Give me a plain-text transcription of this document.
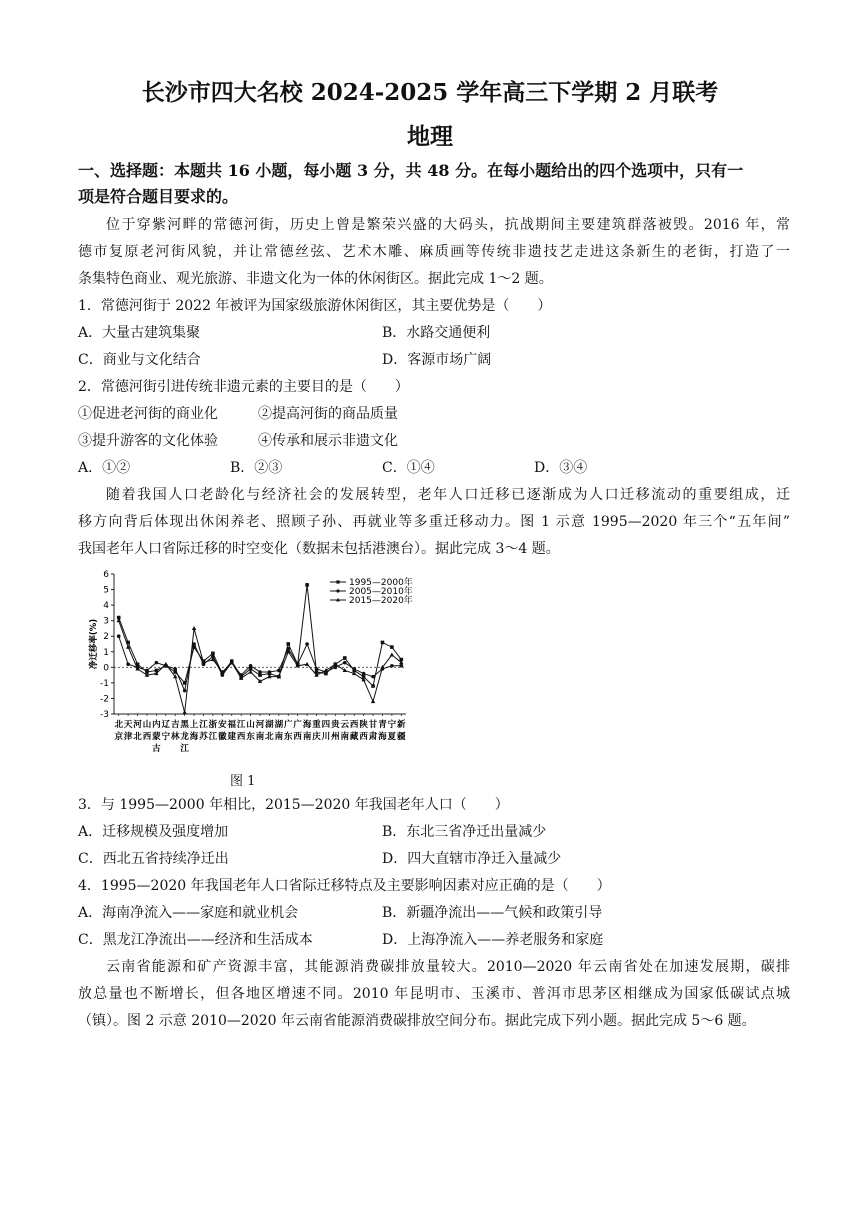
长沙市四大名校 2024-2025 学年高三下学期 2 月联考
地理
一、选择题：本题共 16 小题，每小题 3 分，共 48 分。在每小题给出的四个选项中，只有一
项是符合题目要求的。
位于穿紫河畔的常德河街，历史上曾是繁荣兴盛的大码头，抗战期间主要建筑群落被毁。2016 年，常
德市复原老河街风貌，并让常德丝弦、艺术木雕、麻质画等传统非遗技艺走进这条新生的老街，打造了一
条集特色商业、观光旅游、非遗文化为一体的休闲街区。据此完成 1～2 题。
1．常德河街于 2022 年被评为国家级旅游休闲街区，其主要优势是（　　）
A．大量古建筑集聚	B．水路交通便利
C．商业与文化结合	D．客源市场广阔
2．常德河街引进传统非遗元素的主要目的是（　　）
①促进老河街的商业化	②提高河街的商品质量
③提升游客的文化体验	④传承和展示非遗文化
A．①②	B．②③	C．①④	D．③④
随着我国人口老龄化与经济社会的发展转型，老年人口迁移已逐渐成为人口迁移流动的重要组成，迁
移方向背后体现出休闲养老、照顾子孙、再就业等多重迁移动力。图 1 示意 1995—2020 年三个“五年间”
我国老年人口省际迁移的时空变化（数据未包括港澳台）。据此完成 3～4 题。
-3
-2
-1
0
1
2
3
4
5
6
净迁移率(%)
北
京
天
津
河
北
山
西
内
蒙
古
辽
宁
吉
林
黑
龙
江
上
海
江
苏
浙
江
安
徽
福
建
江
西
山
东
河
南
湖
北
湖
南
广
东
广
西
海
南
重
庆
四
川
贵
州
云
南
西
藏
陕
西
甘
肃
青
海
宁
夏
新
疆
1995—2000年
2005—2010年
2015—2020年
图 1
3．与 1995—2000 年相比，2015—2020 年我国老年人口（　　）
A．迁移规模及强度增加	B．东北三省净迁出量减少
C．西北五省持续净迁出	D．四大直辖市净迁入量减少
4．1995—2020 年我国老年人口省际迁移特点及主要影响因素对应正确的是（　　）
A．海南净流入——家庭和就业机会	B．新疆净流出——气候和政策引导
C．黑龙江净流出——经济和生活成本	D．上海净流入——养老服务和家庭
云南省能源和矿产资源丰富，其能源消费碳排放量较大。2010—2020 年云南省处在加速发展期，碳排
放总量也不断增长，但各地区增速不同。2010 年昆明市、玉溪市、普洱市思茅区相继成为国家低碳试点城
（镇）。图 2 示意 2010—2020 年云南省能源消费碳排放空间分布。据此完成下列小题。据此完成 5～6 题。
